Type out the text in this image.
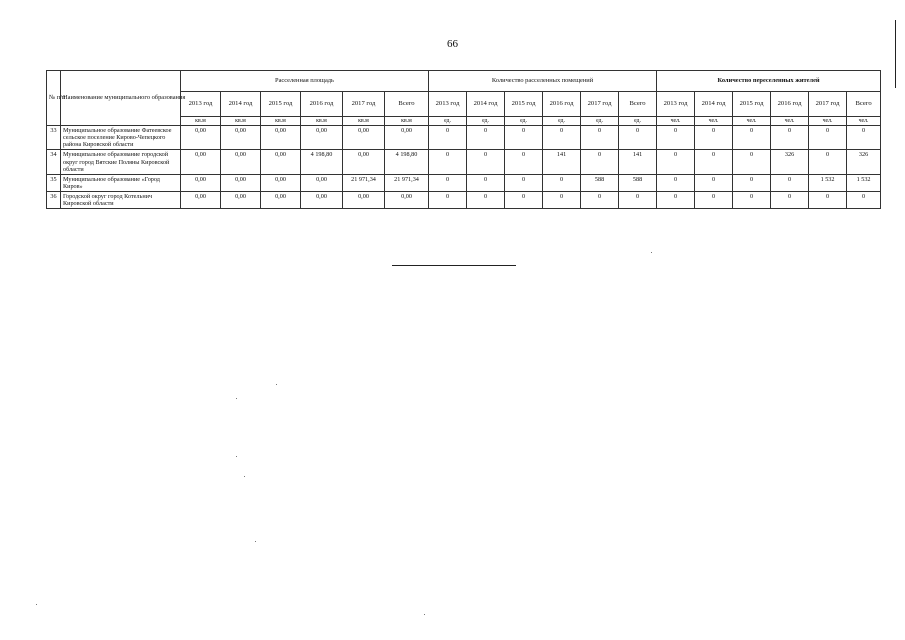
66
№ п/п	Наименование муниципального образования	Расселенная площадь						Количество расселенных помещений						Количество переселенных жителей					
		2013 год	2014 год	2015 год	2016 год	2017 год	Всего	2013 год	2014 год	2015 год	2016 год	2017 год	Всего	2013 год	2014 год	2015 год	2016 год	2017 год	Всего
		кв.м	кв.м	кв.м	кв.м	кв.м	кв.м	ед.	ед.	ед.	ед.	ед.	ед.	чел.	чел.	чел.	чел.	чел.	чел.
33	Муниципальное образование Фатеевское сельское поселение Кирово-Чепецкого района Кировской области	0,00	0,00	0,00	0,00	0,00	0,00	0	0	0	0	0	0	0	0	0	0	0	0
34	Муниципальное образование городской округ город Вятские Поляны Кировской области	0,00	0,00	0,00	4 198,80	0,00	4 198,80	0	0	0	141	0	141	0	0	0	326	0	326
35	Муниципальное образование «Город Киров»	0,00	0,00	0,00	0,00	21 971,34	21 971,34	0	0	0	0	588	588	0	0	0	0	1 532	1 532
36	Городской округ город Котельнич Кировской области	0,00	0,00	0,00	0,00	0,00	0,00	0	0	0	0	0	0	0	0	0	0	0	0
